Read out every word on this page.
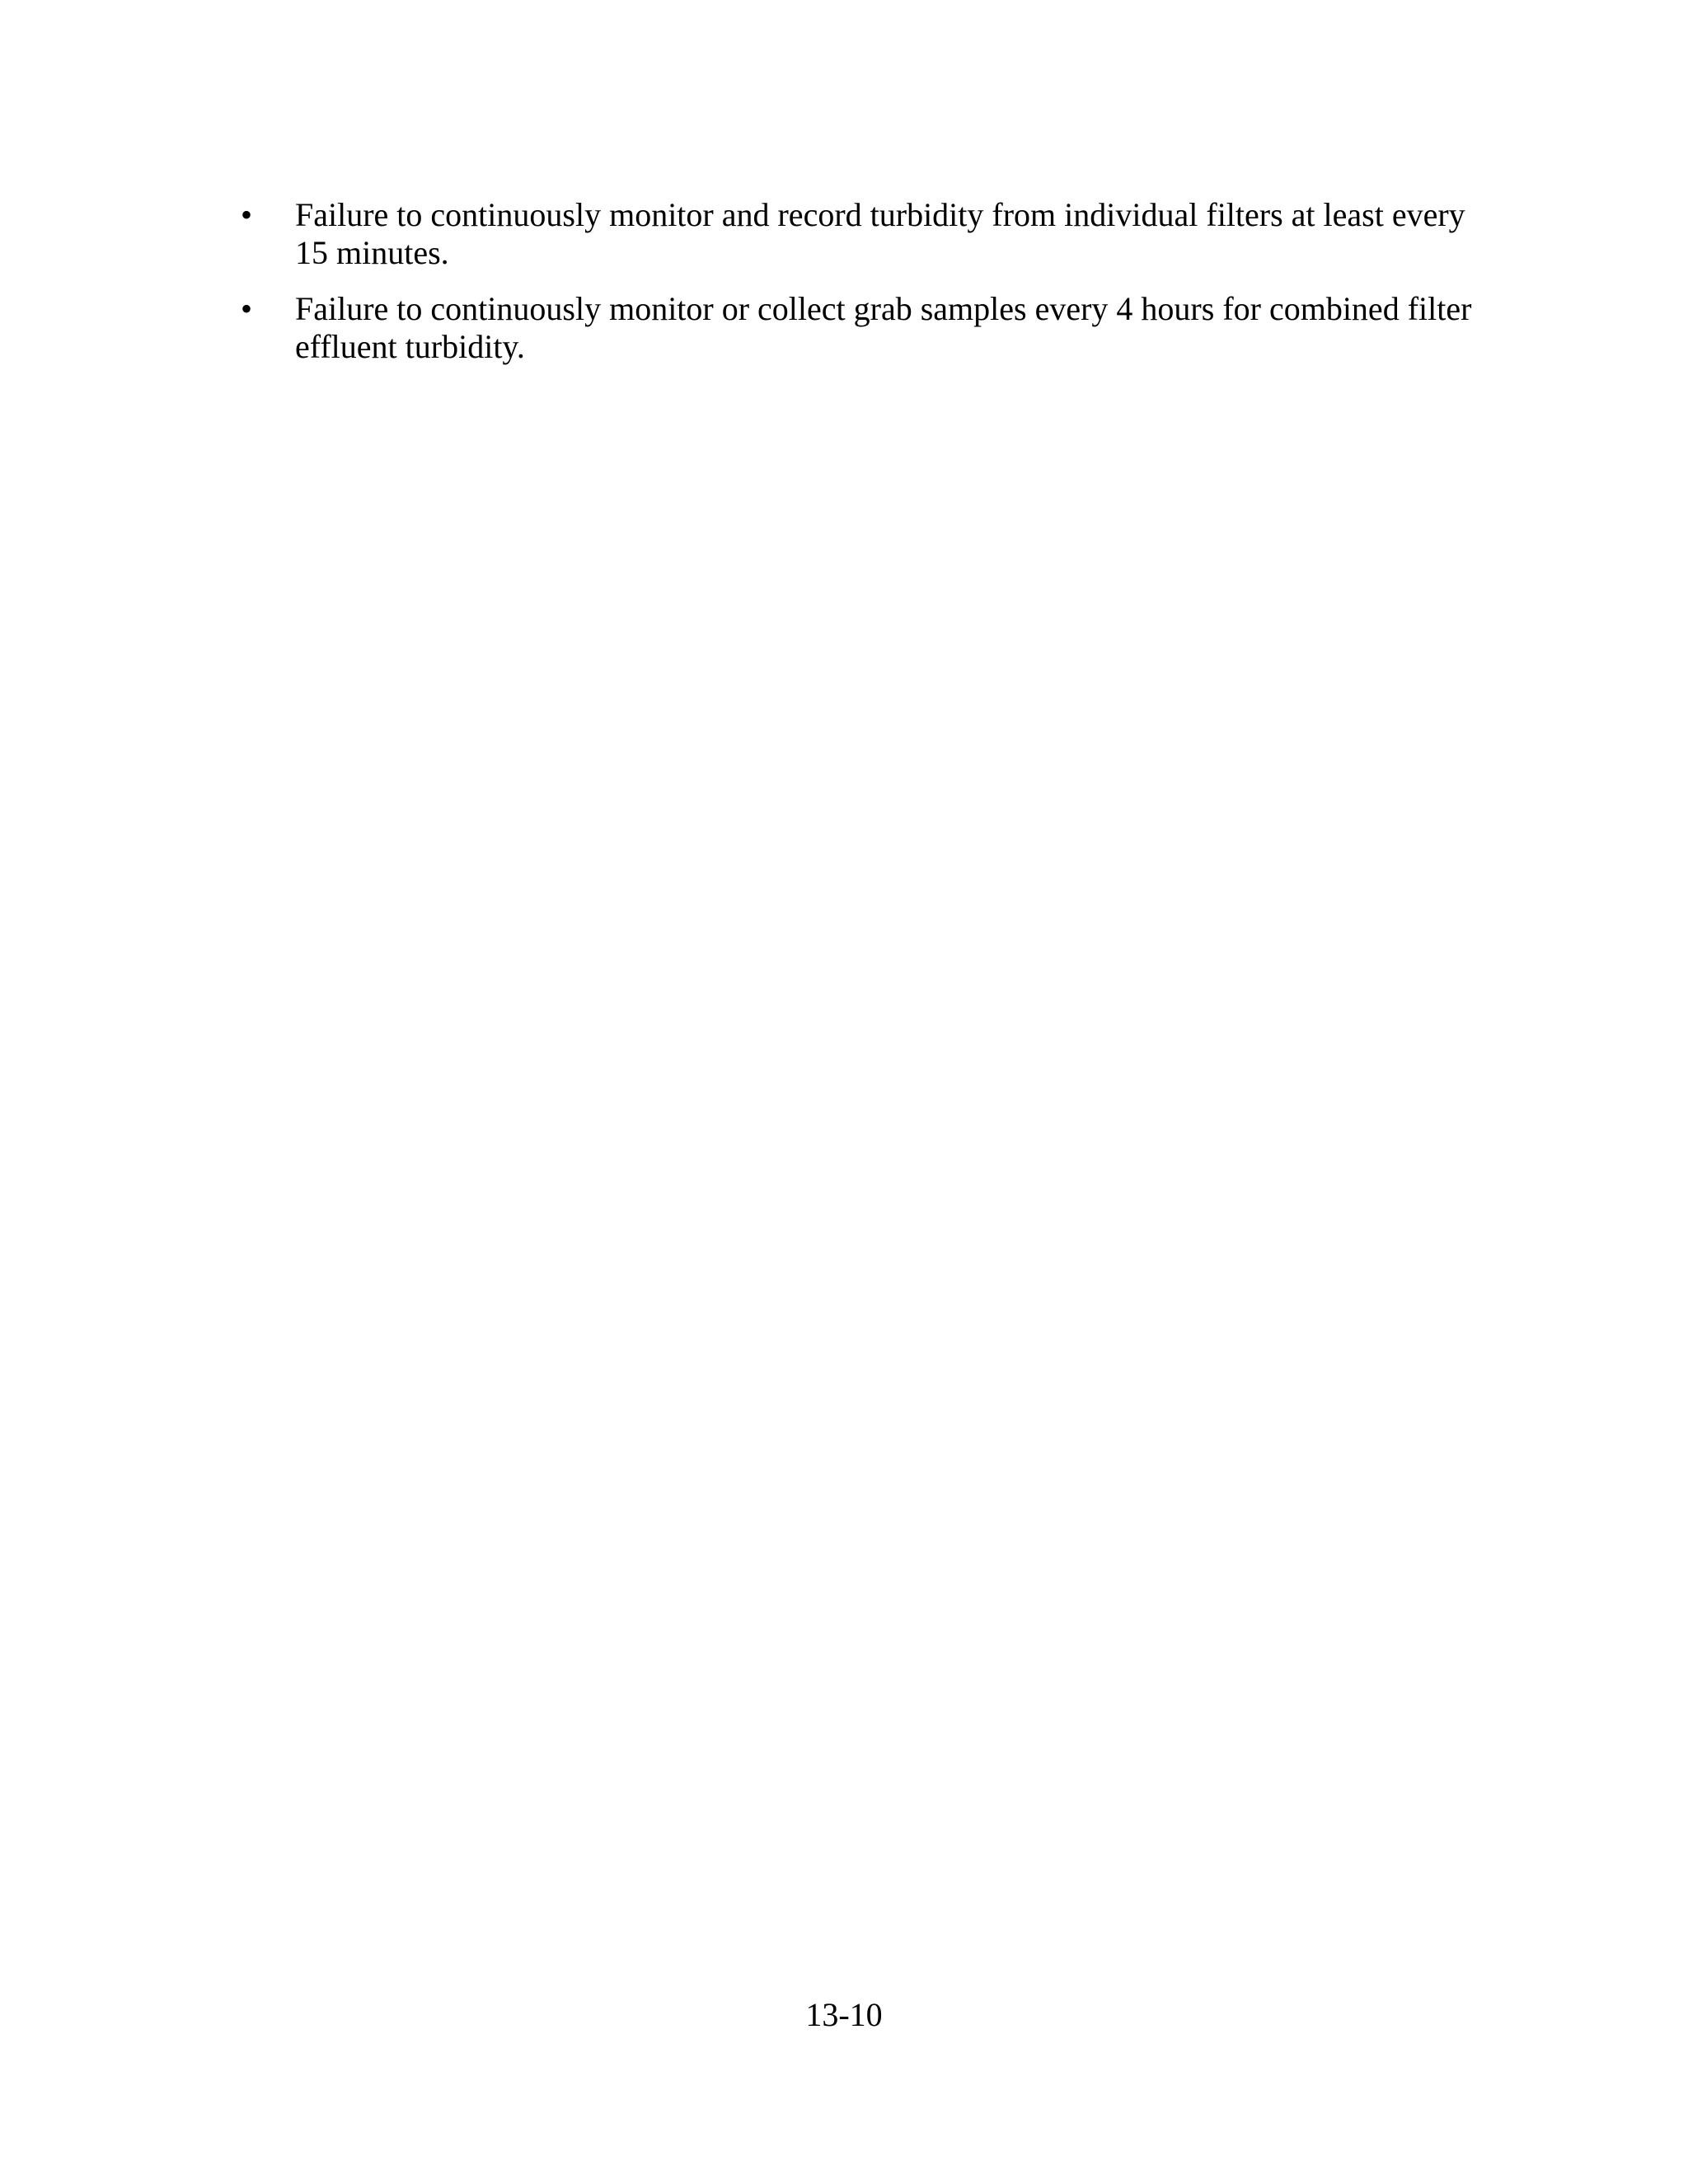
• Failure to continuously monitor and record turbidity from individual filters at least every 15 minutes.
• Failure to continuously monitor or collect grab samples every 4 hours for combined filter effluent turbidity.
13-10
